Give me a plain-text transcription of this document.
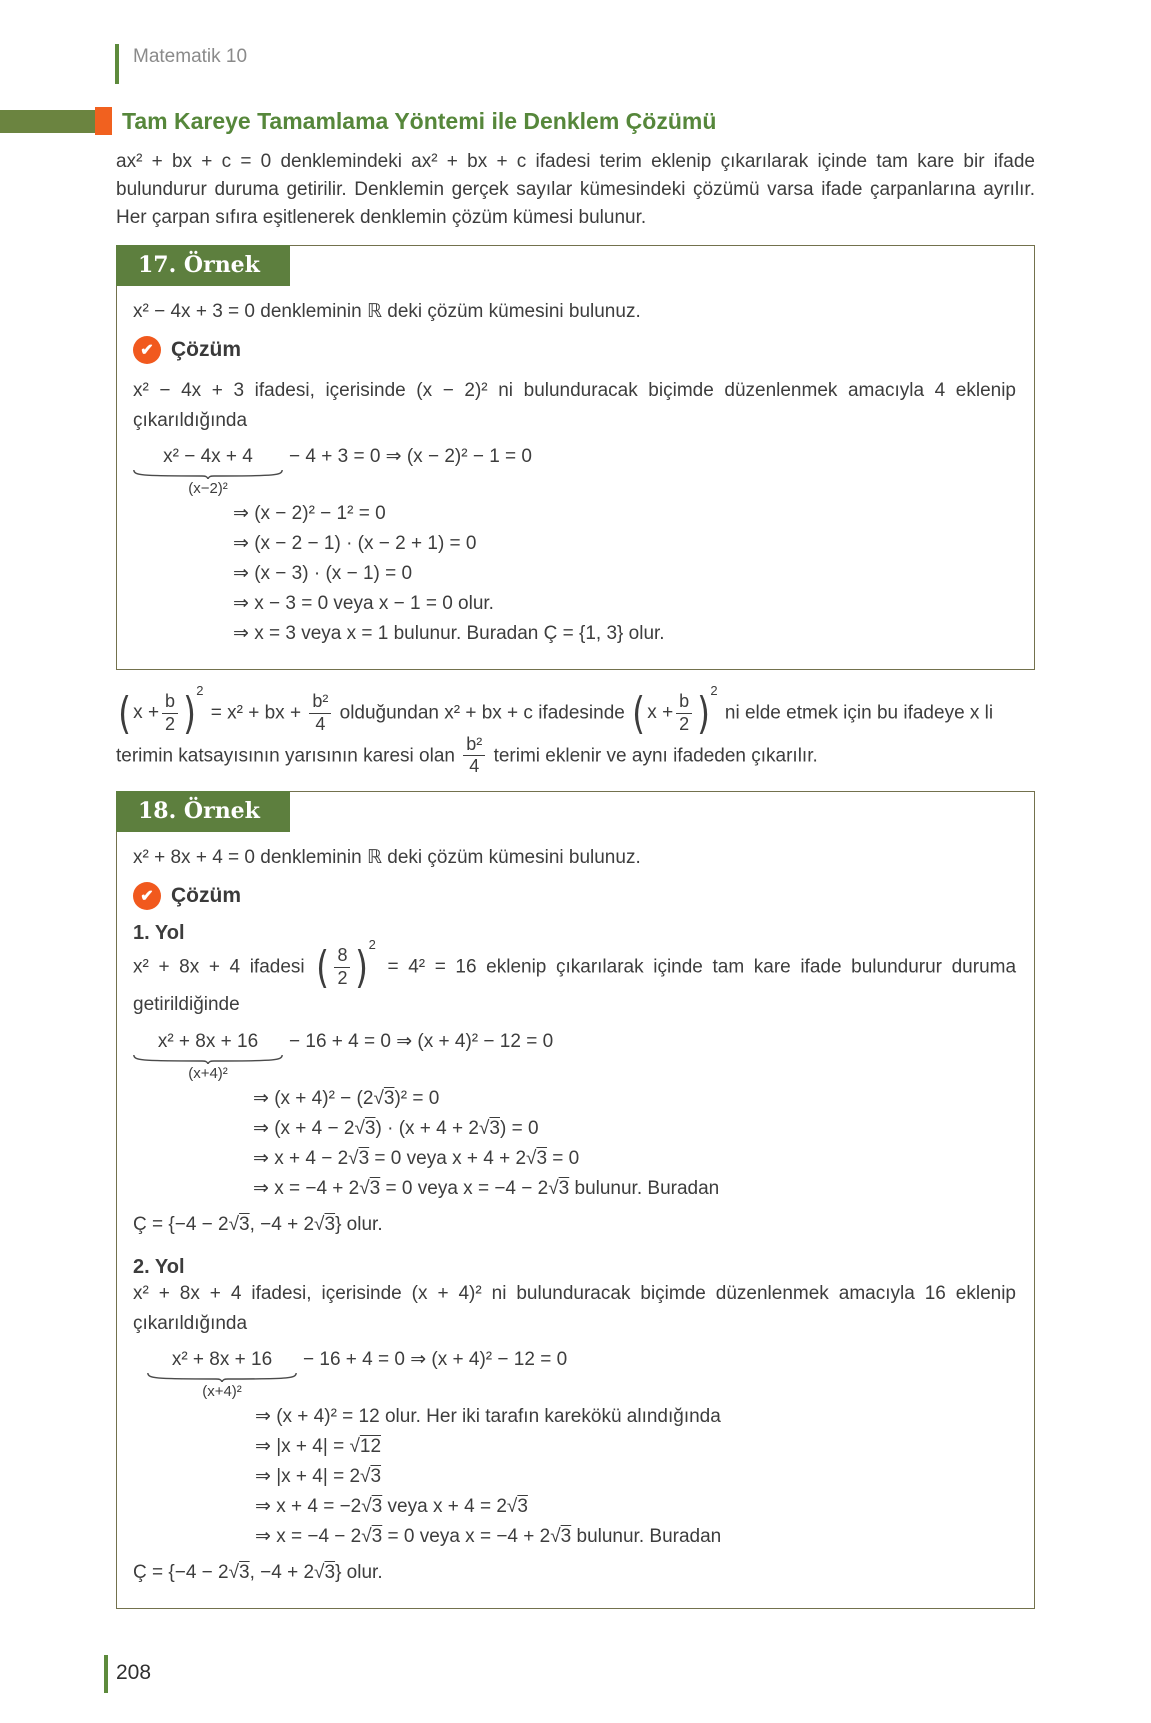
Matematik 10
Tam Kareye Tamamlama Yöntemi ile Denklem Çözümü

ax² + bx + c = 0 denklemindeki ax² + bx + c ifadesi terim eklenip çıkarılarak içinde tam kare bir ifade bulundurur duruma getirilir. Denklemin gerçek sayılar kümesindeki çözümü varsa ifade çarpanlarına ayrılır. Her çarpan sıfıra eşitlenerek denklemin çözüm kümesi bulunur.

17. Örnek

x² − 4x + 3 = 0 denkleminin ℝ deki çözüm kümesini bulunuz.

✔ Çözüm

x² − 4x + 3 ifadesi, içerisinde (x − 2)² ni bulunduracak biçimde düzenlenmek amacıyla 4 eklenip çıkarıldığında

x² − 4x + 4
(x−2)²
− 4 + 3 = 0 ⇒ (x − 2)² − 1 = 0
⇒ (x − 2)² − 1² = 0
⇒ (x − 2 − 1) · (x − 2 + 1) = 0
⇒ (x − 3) · (x − 1) = 0
⇒ x − 3 = 0 veya x − 1 = 0 olur.
⇒ x = 3 veya x = 1 bulunur. Buradan Ç = {1, 3} olur.

( $x + \frac{b}{2} )^2 = x^2$ + bx + $\frac{\text{b²}}{4}$ olduğundan x² + bx + c ifadesinde ( $x + \frac{b}{2} )^2$ ni elde etmek için bu ifadeye x li terimin katsayısının yarısının karesi olan $\frac{\text{b²}}{4}$ terimi eklenir ve aynı ifadeden çıkarılır.

18. Örnek

x² + 8x + 4 = 0 denkleminin ℝ deki çözüm kümesini bulunuz.

✔ Çözüm
1. Yol

x² + 8x + 4 ifadesi ( $\frac{8}{2} )^2 = 4^2 = 16$ eklenip çıkarılarak içinde tam kare ifade bulundurur duruma getirildiğinde

x² + 8x + 16
(x+4)²
− 16 + 4 = 0 ⇒ (x + 4)² − 12 = 0
⇒ (x + 4)² − (2√3)² = 0
⇒ (x + 4 − 2√3) · (x + 4 + 2√3) = 0
⇒ x + 4 − 2√3 = 0 veya x + 4 + 2√3 = 0
⇒ x = −4 + 2√3 = 0 veya x = −4 − 2√3 bulunur. Buradan
Ç = {−4 − 2√3, −4 + 2√3} olur.
2. Yol

x² + 8x + 4 ifadesi, içerisinde (x + 4)² ni bulunduracak biçimde düzenlenmek amacıyla 16 eklenip çıkarıldığında

x² + 8x + 16
(x+4)²
− 16 + 4 = 0 ⇒ (x + 4)² − 12 = 0
⇒ (x + 4)² = 12 olur. Her iki tarafın karekökü alındığında
⇒ |x + 4| = √12
⇒ |x + 4| = 2√3
⇒ x + 4 = −2√3 veya x + 4 = 2√3
⇒ x = −4 − 2√3 = 0 veya x = −4 + 2√3 bulunur. Buradan
Ç = {−4 − 2√3, −4 + 2√3} olur.
208
